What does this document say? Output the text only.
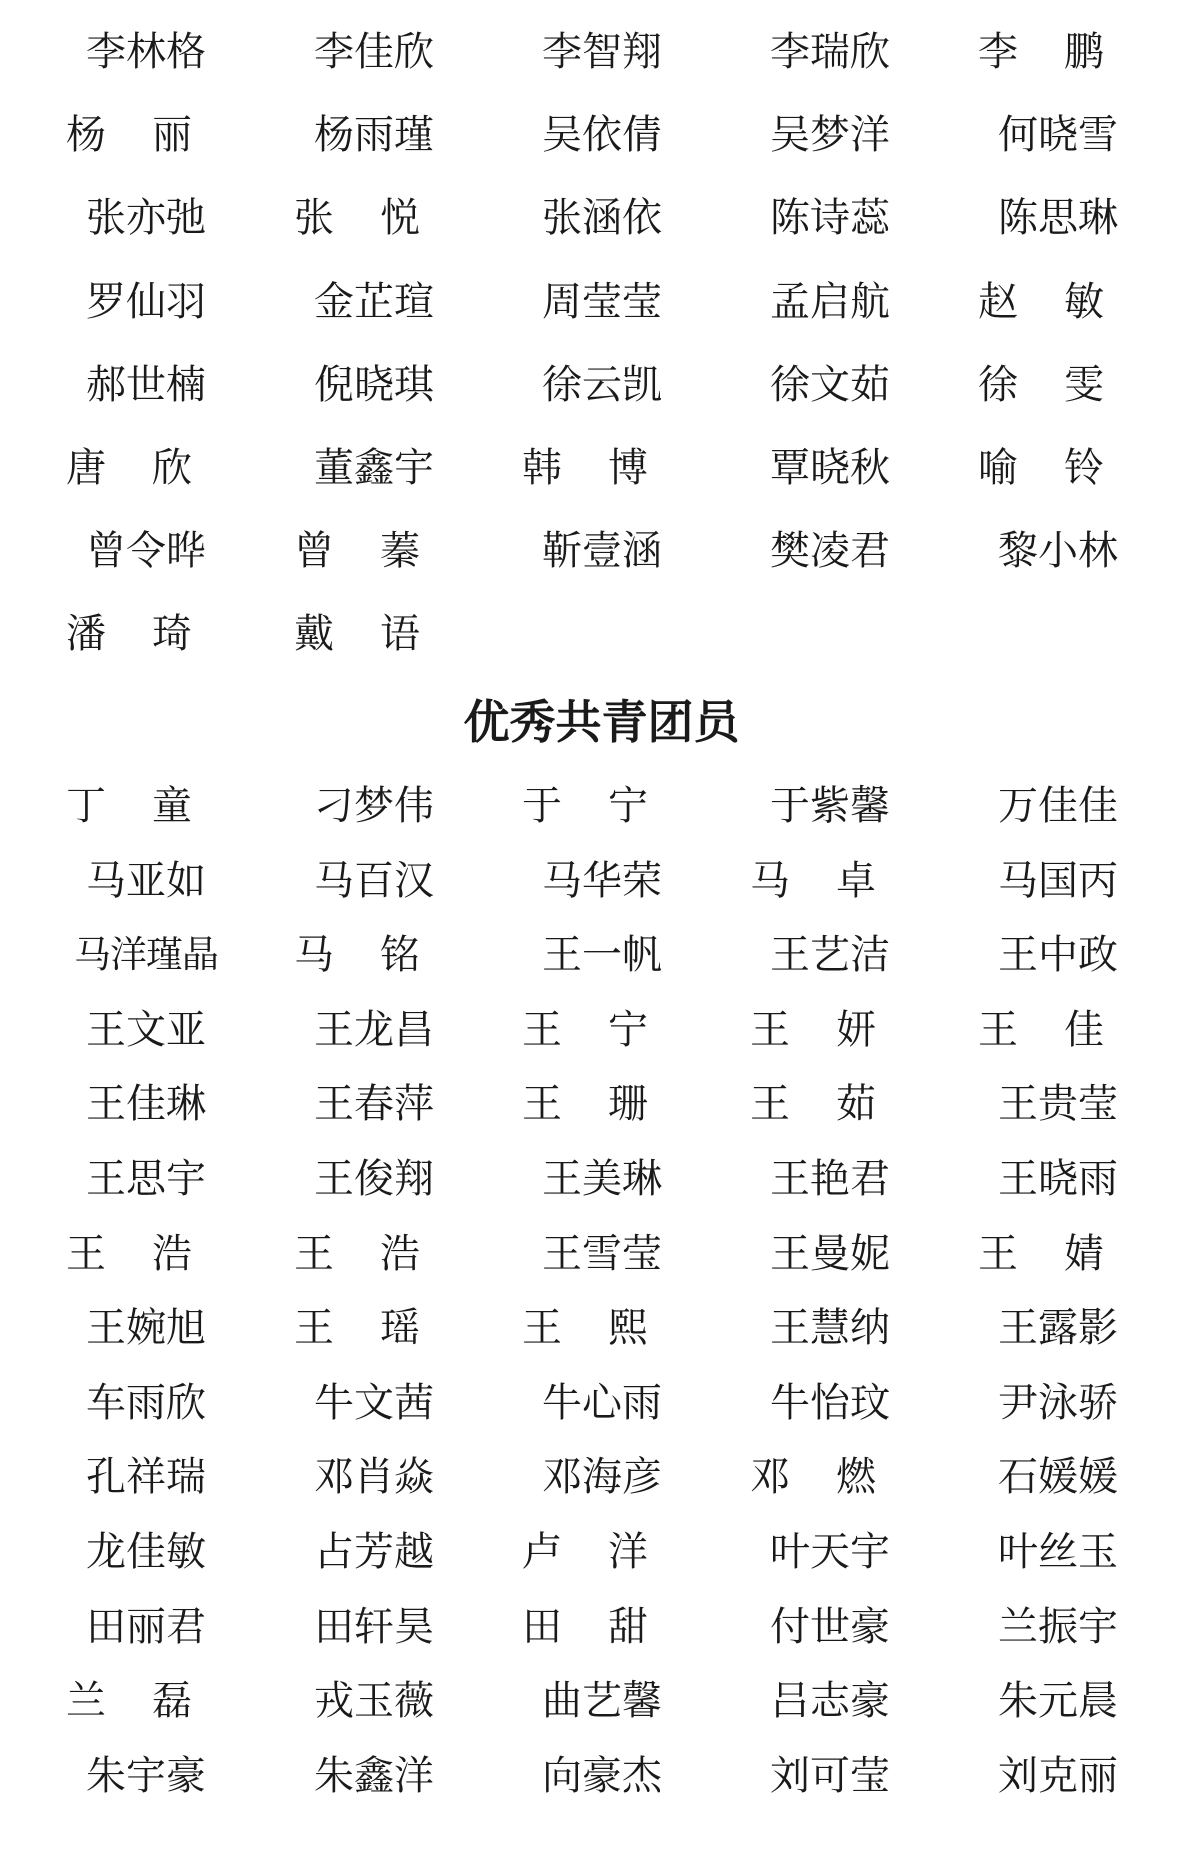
李林格	李佳欣	李智翔	李瑞欣	李鹏
杨丽	杨雨瑾	吴依倩	吴梦洋	何晓雪
张亦弛	张悦	张涵依	陈诗蕊	陈思琳
罗仙羽	金芷瑄	周莹莹	孟启航	赵敏
郝世楠	倪晓琪	徐云凯	徐文茹	徐雯
唐欣	董鑫宇	韩博	覃晓秋	喻铃
曾令晔	曾蓁	靳壹涵	樊凌君	黎小林
潘琦 戴语
优秀共青团员
丁童	刁梦伟	于宁	于紫馨	万佳佳
马亚如	马百汉	马华荣	马卓	马国丙
马洋瑾晶 马铭	王一帆	王艺洁	王中政
王文亚	王龙昌	王宁 王妍 王佳
王佳琳	王春萍	王珊 王茹	王贵莹
王思宇	王俊翔	王美琳	王艳君	王晓雨
王浩 王浩	王雪莹	王曼妮	王婧
王婉旭	王瑶 王熙	王慧纳	王露影
车雨欣	牛文茜	牛心雨	牛怡玟	尹泳骄
孔祥瑞	邓肖焱	邓海彦	邓燃	石媛媛
龙佳敏	占芳越	卢洋	叶天宇	叶丝玉
田丽君	田轩昊	田甜	付世豪	兰振宇
兰磊	戎玉薇	曲艺馨	吕志豪	朱元晨
朱宇豪	朱鑫洋	向豪杰	刘可莹	刘克丽
